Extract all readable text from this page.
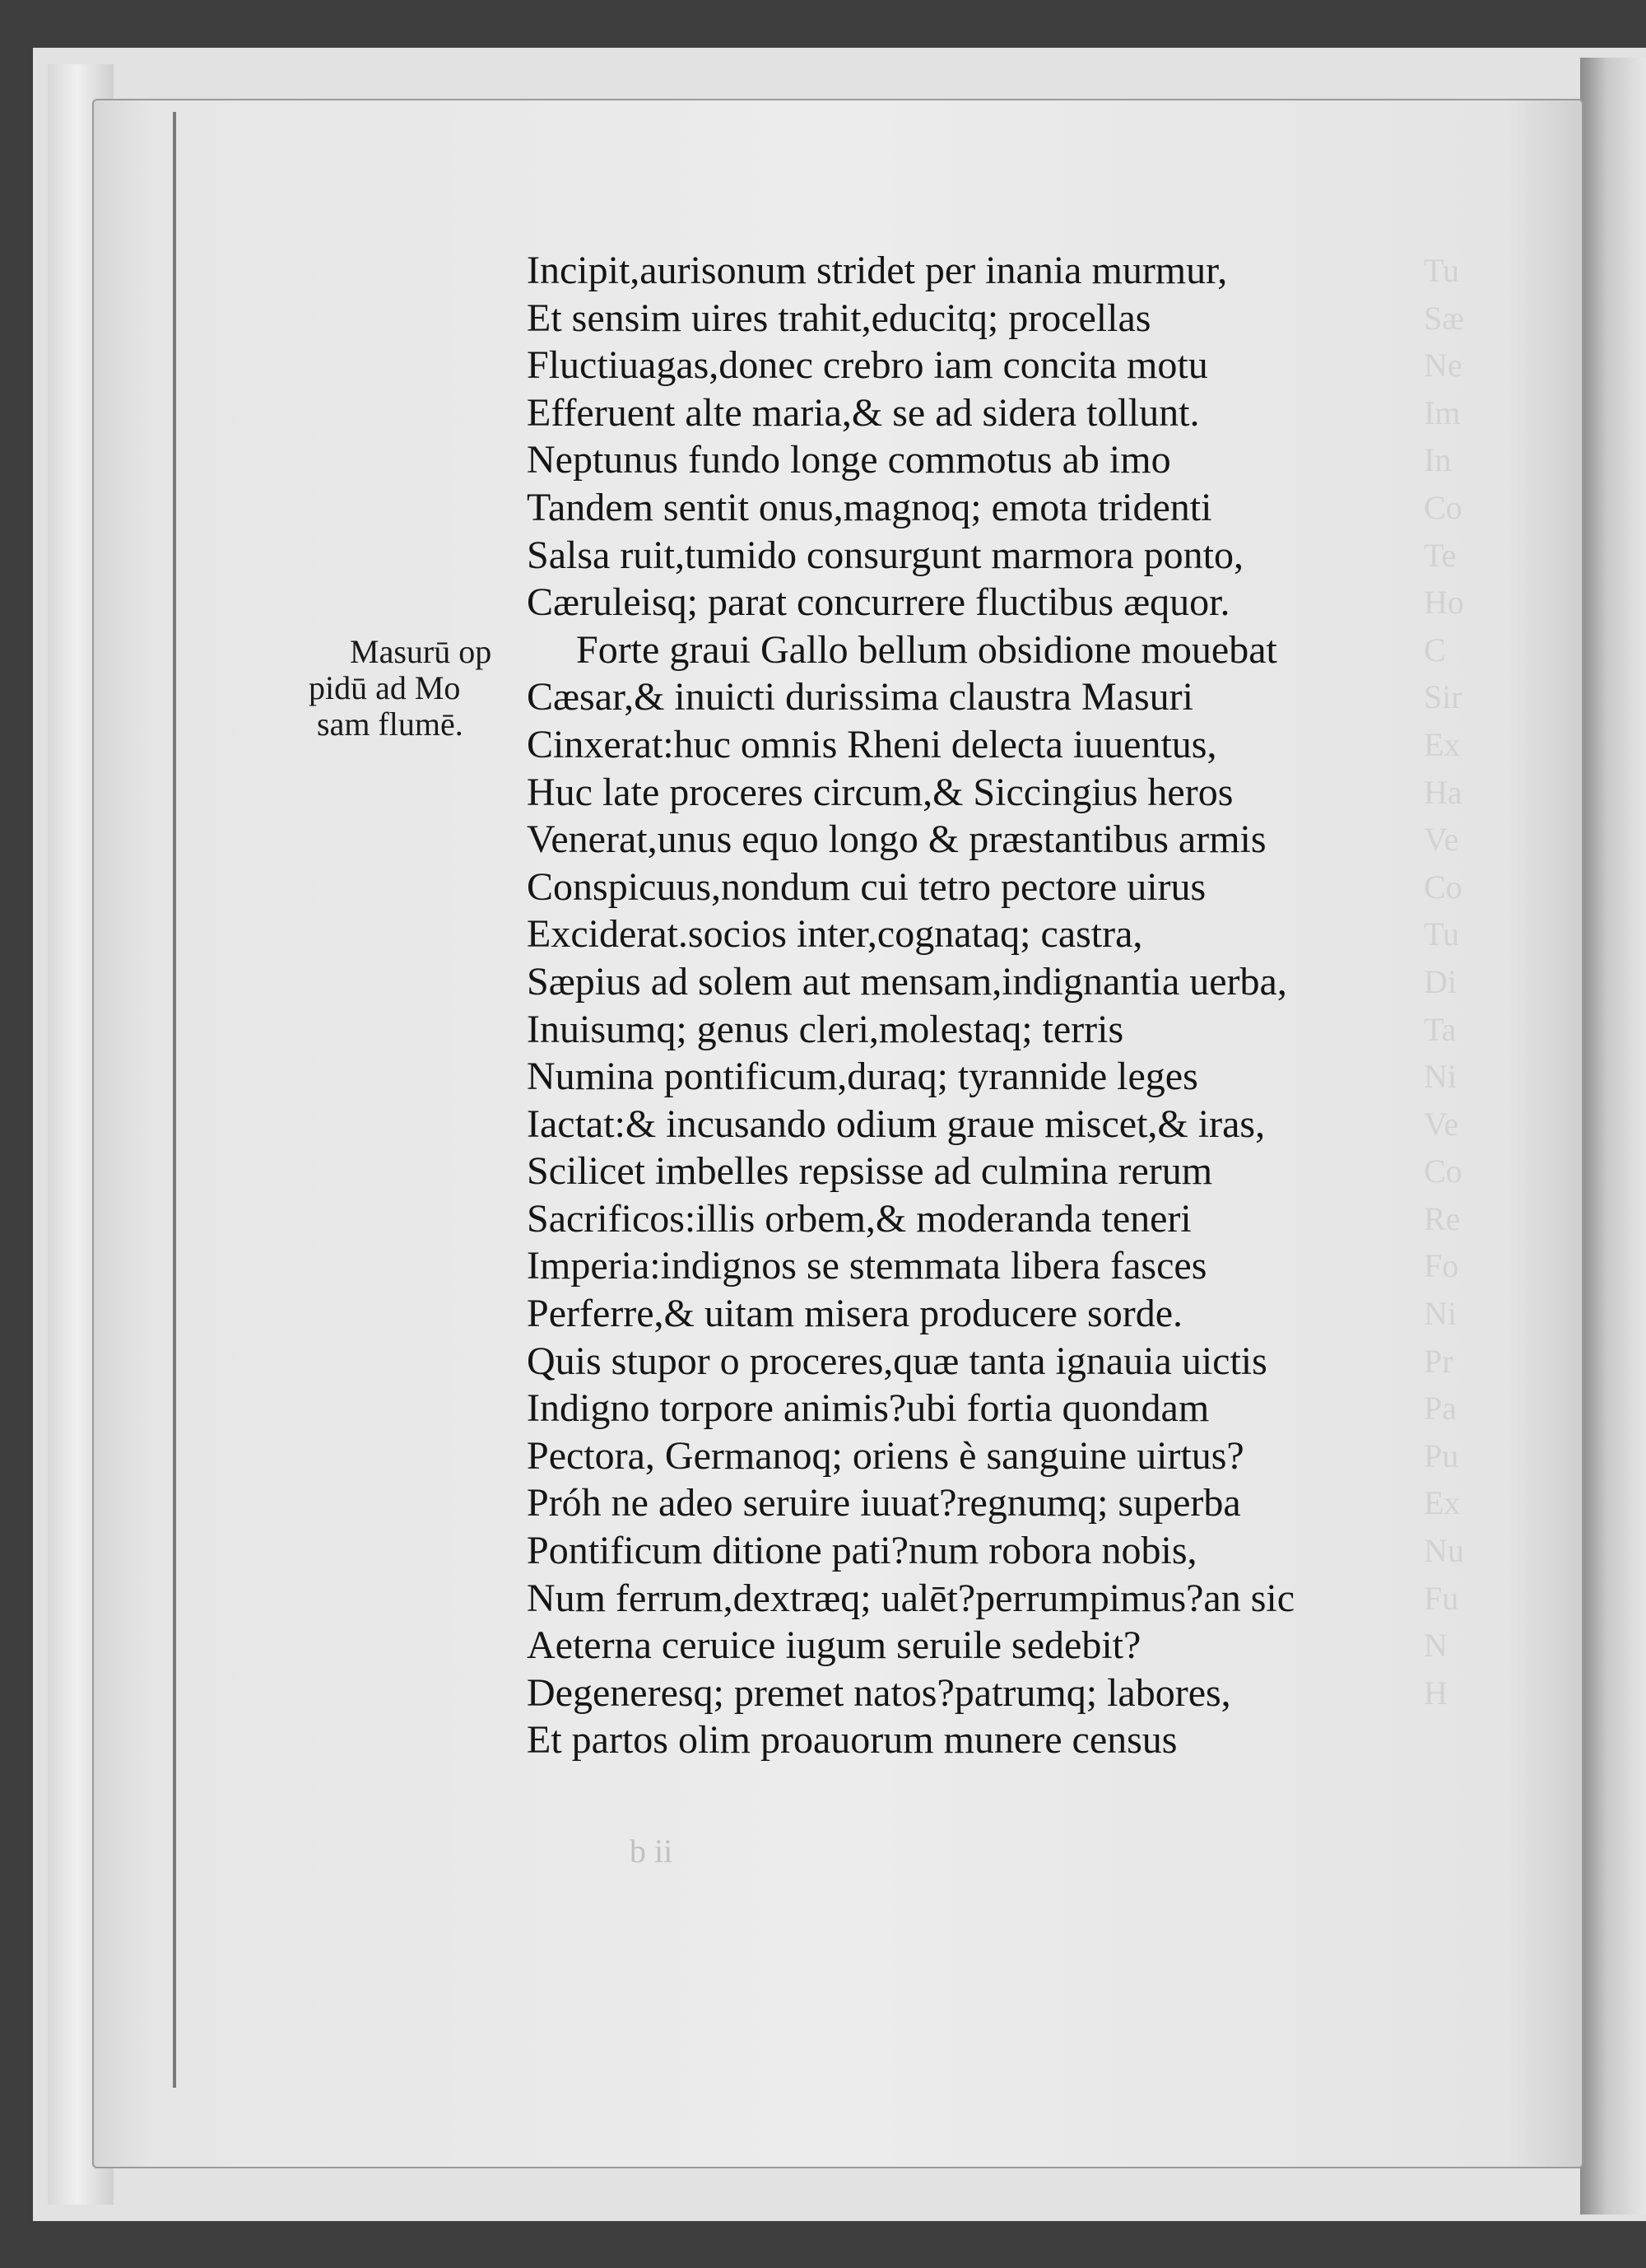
Tu
Sæ
Ne
Im
In
Co
Te
Ho
C
Sir
Ex
Ha
Ve
Co
Tu
Di
Ta
Ni
Ve
Co
Re
Fo
Ni
Pr
Pa
Pu
Ex
Nu
Fu
N
H
Masurū op
pidū ad Mo
sam flumē.
Incipit,aurisonum stridet per inania murmur,
Et sensim uires trahit,educitq; procellas
Fluctiuagas,donec crebro iam concita motu
Efferuent alte maria,& se ad sidera tollunt.
Neptunus fundo longe commotus ab imo
Tandem sentit onus,magnoq; emota tridenti
Salsa ruit,tumido consurgunt marmora ponto,
Cæruleisq; parat concurrere fluctibus æquor.
Forte graui Gallo bellum obsidione mouebat
Cæsar,& inuicti durissima claustra Masuri
Cinxerat:huc omnis Rheni delecta iuuentus,
Huc late proceres circum,& Siccingius heros
Venerat,unus equo longo & præstantibus armis
Conspicuus,nondum cui tetro pectore uirus
Exciderat.socios inter,cognataq; castra,
Sæpius ad solem aut mensam,indignantia uerba,
Inuisumq; genus cleri,molestaq; terris
Numina pontificum,duraq; tyrannide leges
Iactat:& incusando odium graue miscet,& iras,
Scilicet imbelles repsisse ad culmina rerum
Sacrificos:illis orbem,& moderanda teneri
Imperia:indignos se stemmata libera fasces
Perferre,& uitam misera producere sorde.
Quis stupor o proceres,quæ tanta ignauia uictis
Indigno torpore animis?ubi fortia quondam
Pectora, Germanoq; oriens è sanguine uirtus?
Próh ne adeo seruire iuuat?regnumq; superba
Pontificum ditione pati?num robora nobis,
Num ferrum,dextræq; ualēt?perrumpimus?an sic
Aeterna ceruice iugum seruile sedebit?
Degeneresq; premet natos?patrumq; labores,
Et partos olim proauorum munere census
b ii
